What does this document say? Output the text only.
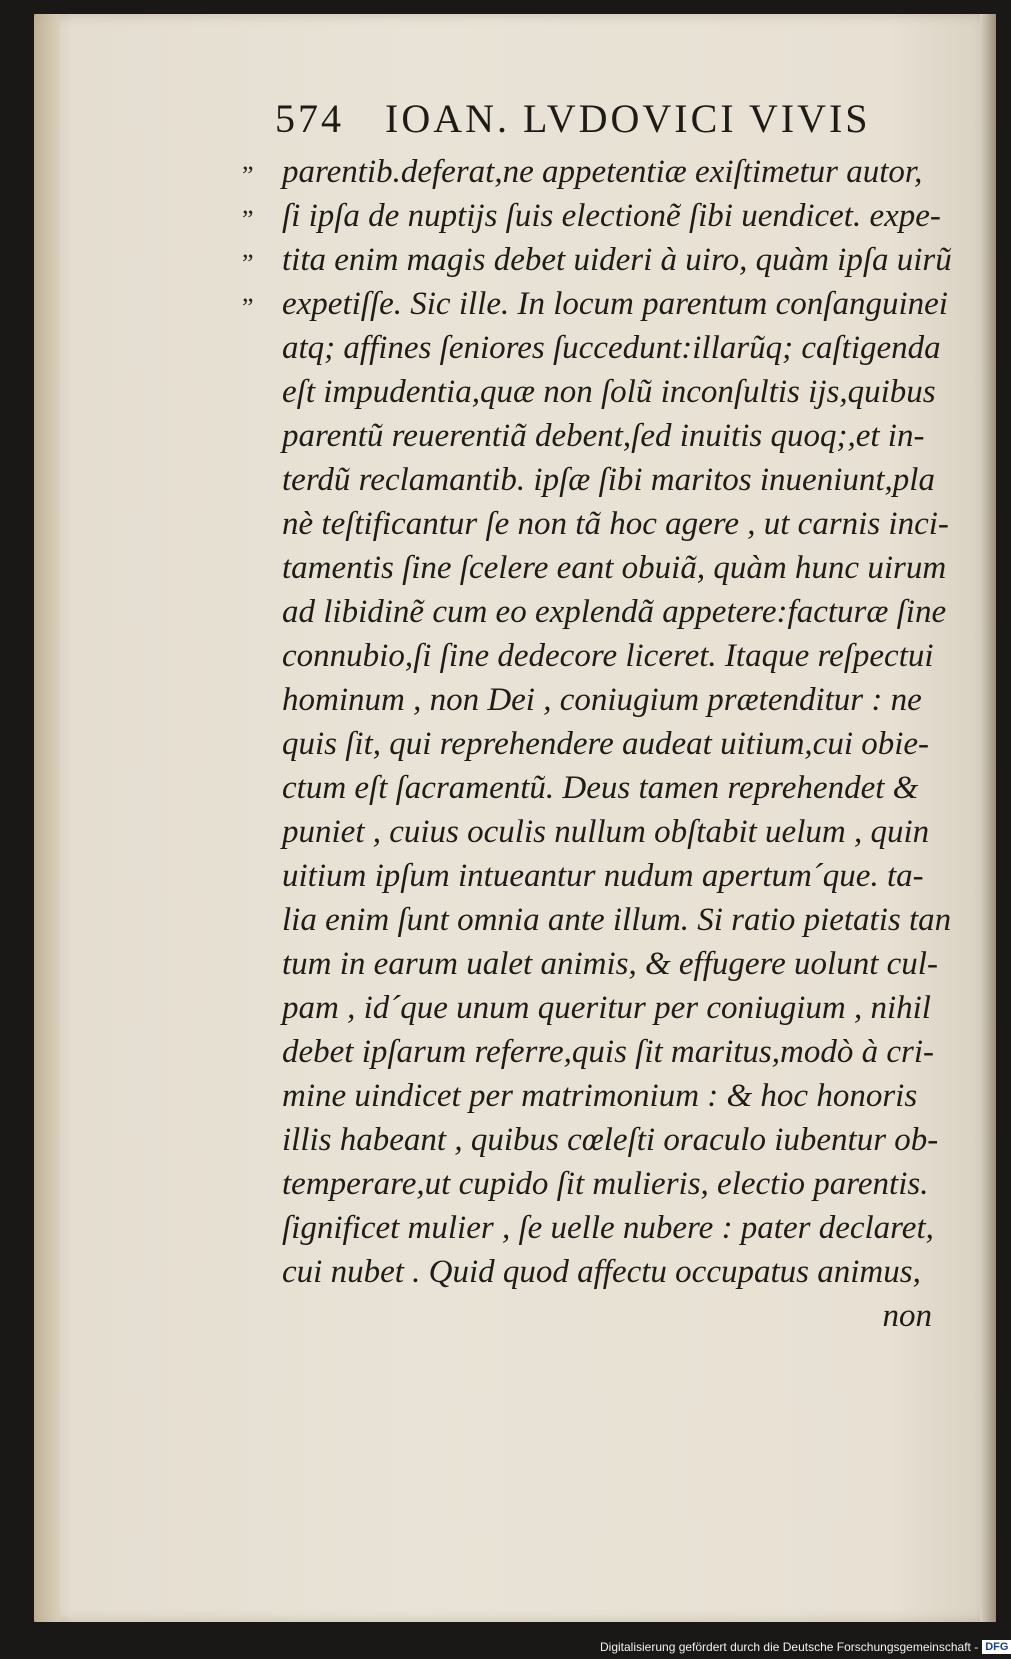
574 IOAN. LVDOVICI VIVIS
” parentib.deferat,ne appetentiæ exiſtimetur autor,
” ſi ipſa de nuptijs ſuis electionẽ ſibi uendicet. expe-
” tita enim magis debet uideri à uiro, quàm ipſa uirũ
” expetiſſe. Sic ille. In locum parentum conſanguinei
atq; affines ſeniores ſuccedunt:illarũq; caſtigenda
eſt impudentia,quæ non ſolũ inconſultis ijs,quibus
parentũ reuerentiã debent,ſed inuitis quoq;,et in-
terdũ reclamantib. ipſæ ſibi maritos inueniunt,pla
nè teſtificantur ſe non tã hoc agere , ut carnis inci-
tamentis ſine ſcelere eant obuiã, quàm hunc uirum
ad libidinẽ cum eo explendã appetere:facturæ ſine
connubio,ſi ſine dedecore liceret. Itaque reſpectui
hominum , non Dei , coniugium prætenditur : ne
quis ſit, qui reprehendere audeat uitium,cui obie-
ctum eſt ſacramentũ. Deus tamen reprehendet &
puniet , cuius oculis nullum obſtabit uelum , quin
uitium ipſum intueantur nudum apertum´que. ta-
lia enim ſunt omnia ante illum. Si ratio pietatis tan
tum in earum ualet animis, & effugere uolunt cul-
pam , id´que unum queritur per coniugium , nihil
debet ipſarum referre,quis ſit maritus,modò à cri-
mine uindicet per matrimonium : & hoc honoris
illis habeant , quibus cœleſti oraculo iubentur ob-
temperare,ut cupido ſit mulieris, electio parentis.
ſignificet mulier , ſe uelle nubere : pater declaret,
cui nubet . Quid quod affectu occupatus animus,
non
Digitalisierung gefördert durch die Deutsche Forschungsgemeinschaft - DFG
